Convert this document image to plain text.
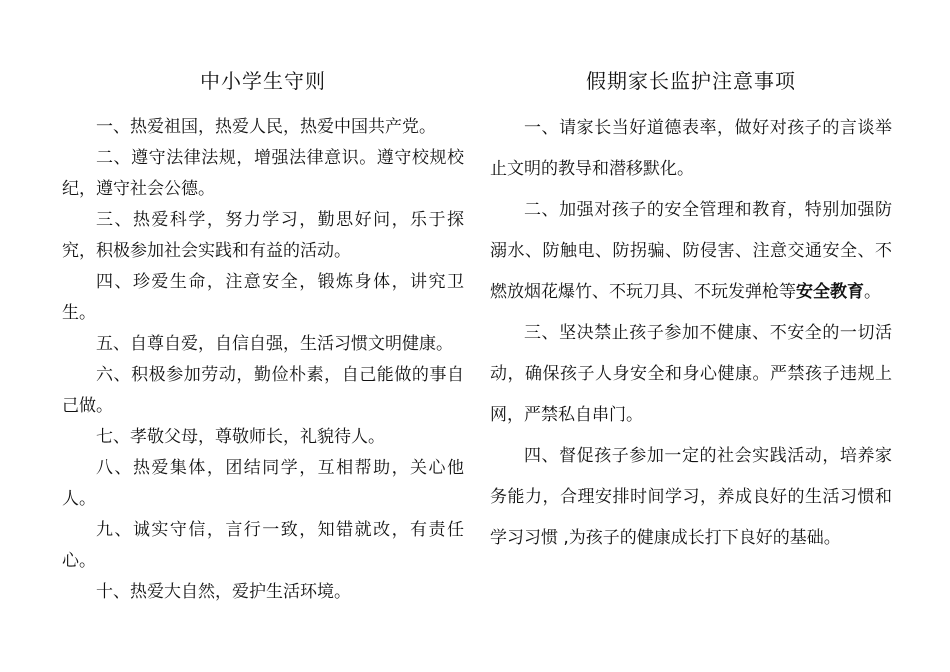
中小学生守则

一、热爱祖国，热爱人民，热爱中国共产党。

二、遵守法律法规，增强法律意识。遵守校规校纪，遵守社会公德。

三、热爱科学，努力学习，勤思好问，乐于探究，积极参加社会实践和有益的活动。

四、珍爱生命，注意安全，锻炼身体，讲究卫生。

五、自尊自爱，自信自强，生活习惯文明健康。

六、积极参加劳动，勤俭朴素，自己能做的事自己做。

七、孝敬父母，尊敬师长，礼貌待人。

八、热爱集体，团结同学，互相帮助，关心他人。

九、诚实守信，言行一致，知错就改，有责任心。

十、热爱大自然，爱护生活环境。

假期家长监护注意事项

一、请家长当好道德表率，做好对孩子的言谈举止文明的教导和潜移默化。

二、加强对孩子的安全管理和教育，特别加强防溺水、防触电、防拐骗、防侵害、注意交通安全、不燃放烟花爆竹、不玩刀具、不玩发弹枪等安全教育。

三、坚决禁止孩子参加不健康、不安全的一切活动，确保孩子人身安全和身心健康。严禁孩子违规上网，严禁私自串门。

四、督促孩子参加一定的社会实践活动，培养家务能力，合理安排时间学习，养成良好的生活习惯和学习习惯 ,为孩子的健康成长打下良好的基础。
